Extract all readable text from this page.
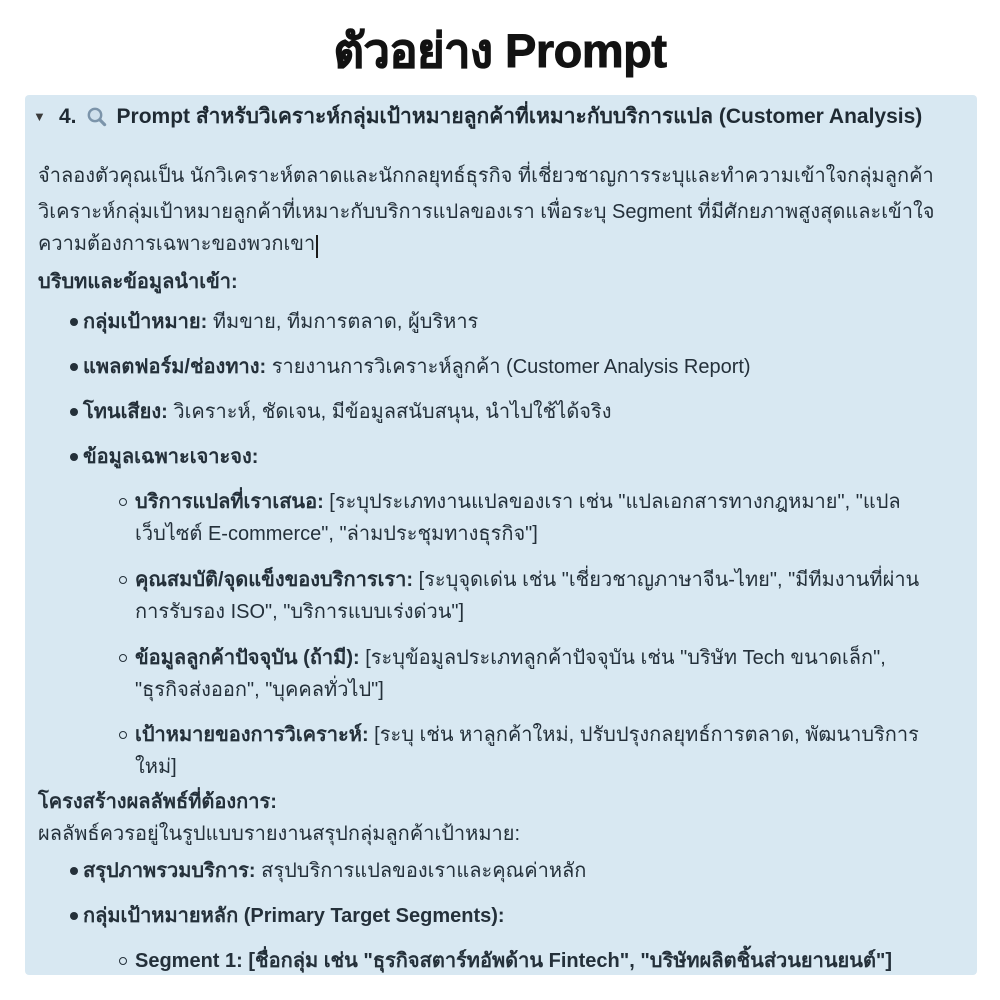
ตัวอย่าง Prompt
▼ 4. Prompt สำหรับวิเคราะห์กลุ่มเป้าหมายลูกค้าที่เหมาะกับบริการแปล (Customer Analysis)

จำลองตัวคุณเป็น นักวิเคราะห์ตลาดและนักกลยุทธ์ธุรกิจ ที่เชี่ยวชาญการระบุและทำความเข้าใจกลุ่มลูกค้า

วิเคราะห์กลุ่มเป้าหมายลูกค้าที่เหมาะกับบริการแปลของเรา เพื่อระบุ Segment ที่มีศักยภาพสูงสุดและเข้าใจความต้องการเฉพาะของพวกเขา

บริบทและข้อมูลนำเข้า:

กลุ่มเป้าหมาย: ทีมขาย, ทีมการตลาด, ผู้บริหาร
แพลตฟอร์ม/ช่องทาง: รายงานการวิเคราะห์ลูกค้า (Customer Analysis Report)
โทนเสียง: วิเคราะห์, ชัดเจน, มีข้อมูลสนับสนุน, นำไปใช้ได้จริง
ข้อมูลเฉพาะเจาะจง:
บริการแปลที่เราเสนอ: [ระบุประเภทงานแปลของเรา เช่น "แปลเอกสารทางกฎหมาย", "แปลเว็บไซต์ E-commerce", "ล่ามประชุมทางธุรกิจ"]
คุณสมบัติ/จุดแข็งของบริการเรา: [ระบุจุดเด่น เช่น "เชี่ยวชาญภาษาจีน-ไทย", "มีทีมงานที่ผ่านการรับรอง ISO", "บริการแบบเร่งด่วน"]
ข้อมูลลูกค้าปัจจุบัน (ถ้ามี): [ระบุข้อมูลประเภทลูกค้าปัจจุบัน เช่น "บริษัท Tech ขนาดเล็ก", "ธุรกิจส่งออก", "บุคคลทั่วไป"]
เป้าหมายของการวิเคราะห์: [ระบุ เช่น หาลูกค้าใหม่, ปรับปรุงกลยุทธ์การตลาด, พัฒนาบริการใหม่]

โครงสร้างผลลัพธ์ที่ต้องการ:

ผลลัพธ์ควรอยู่ในรูปแบบรายงานสรุปกลุ่มลูกค้าเป้าหมาย:

สรุปภาพรวมบริการ: สรุปบริการแปลของเราและคุณค่าหลัก
กลุ่มเป้าหมายหลัก (Primary Target Segments):
Segment 1: [ชื่อกลุ่ม เช่น "ธุรกิจสตาร์ทอัพด้าน Fintech", "บริษัทผลิตชิ้นส่วนยานยนต์"]
